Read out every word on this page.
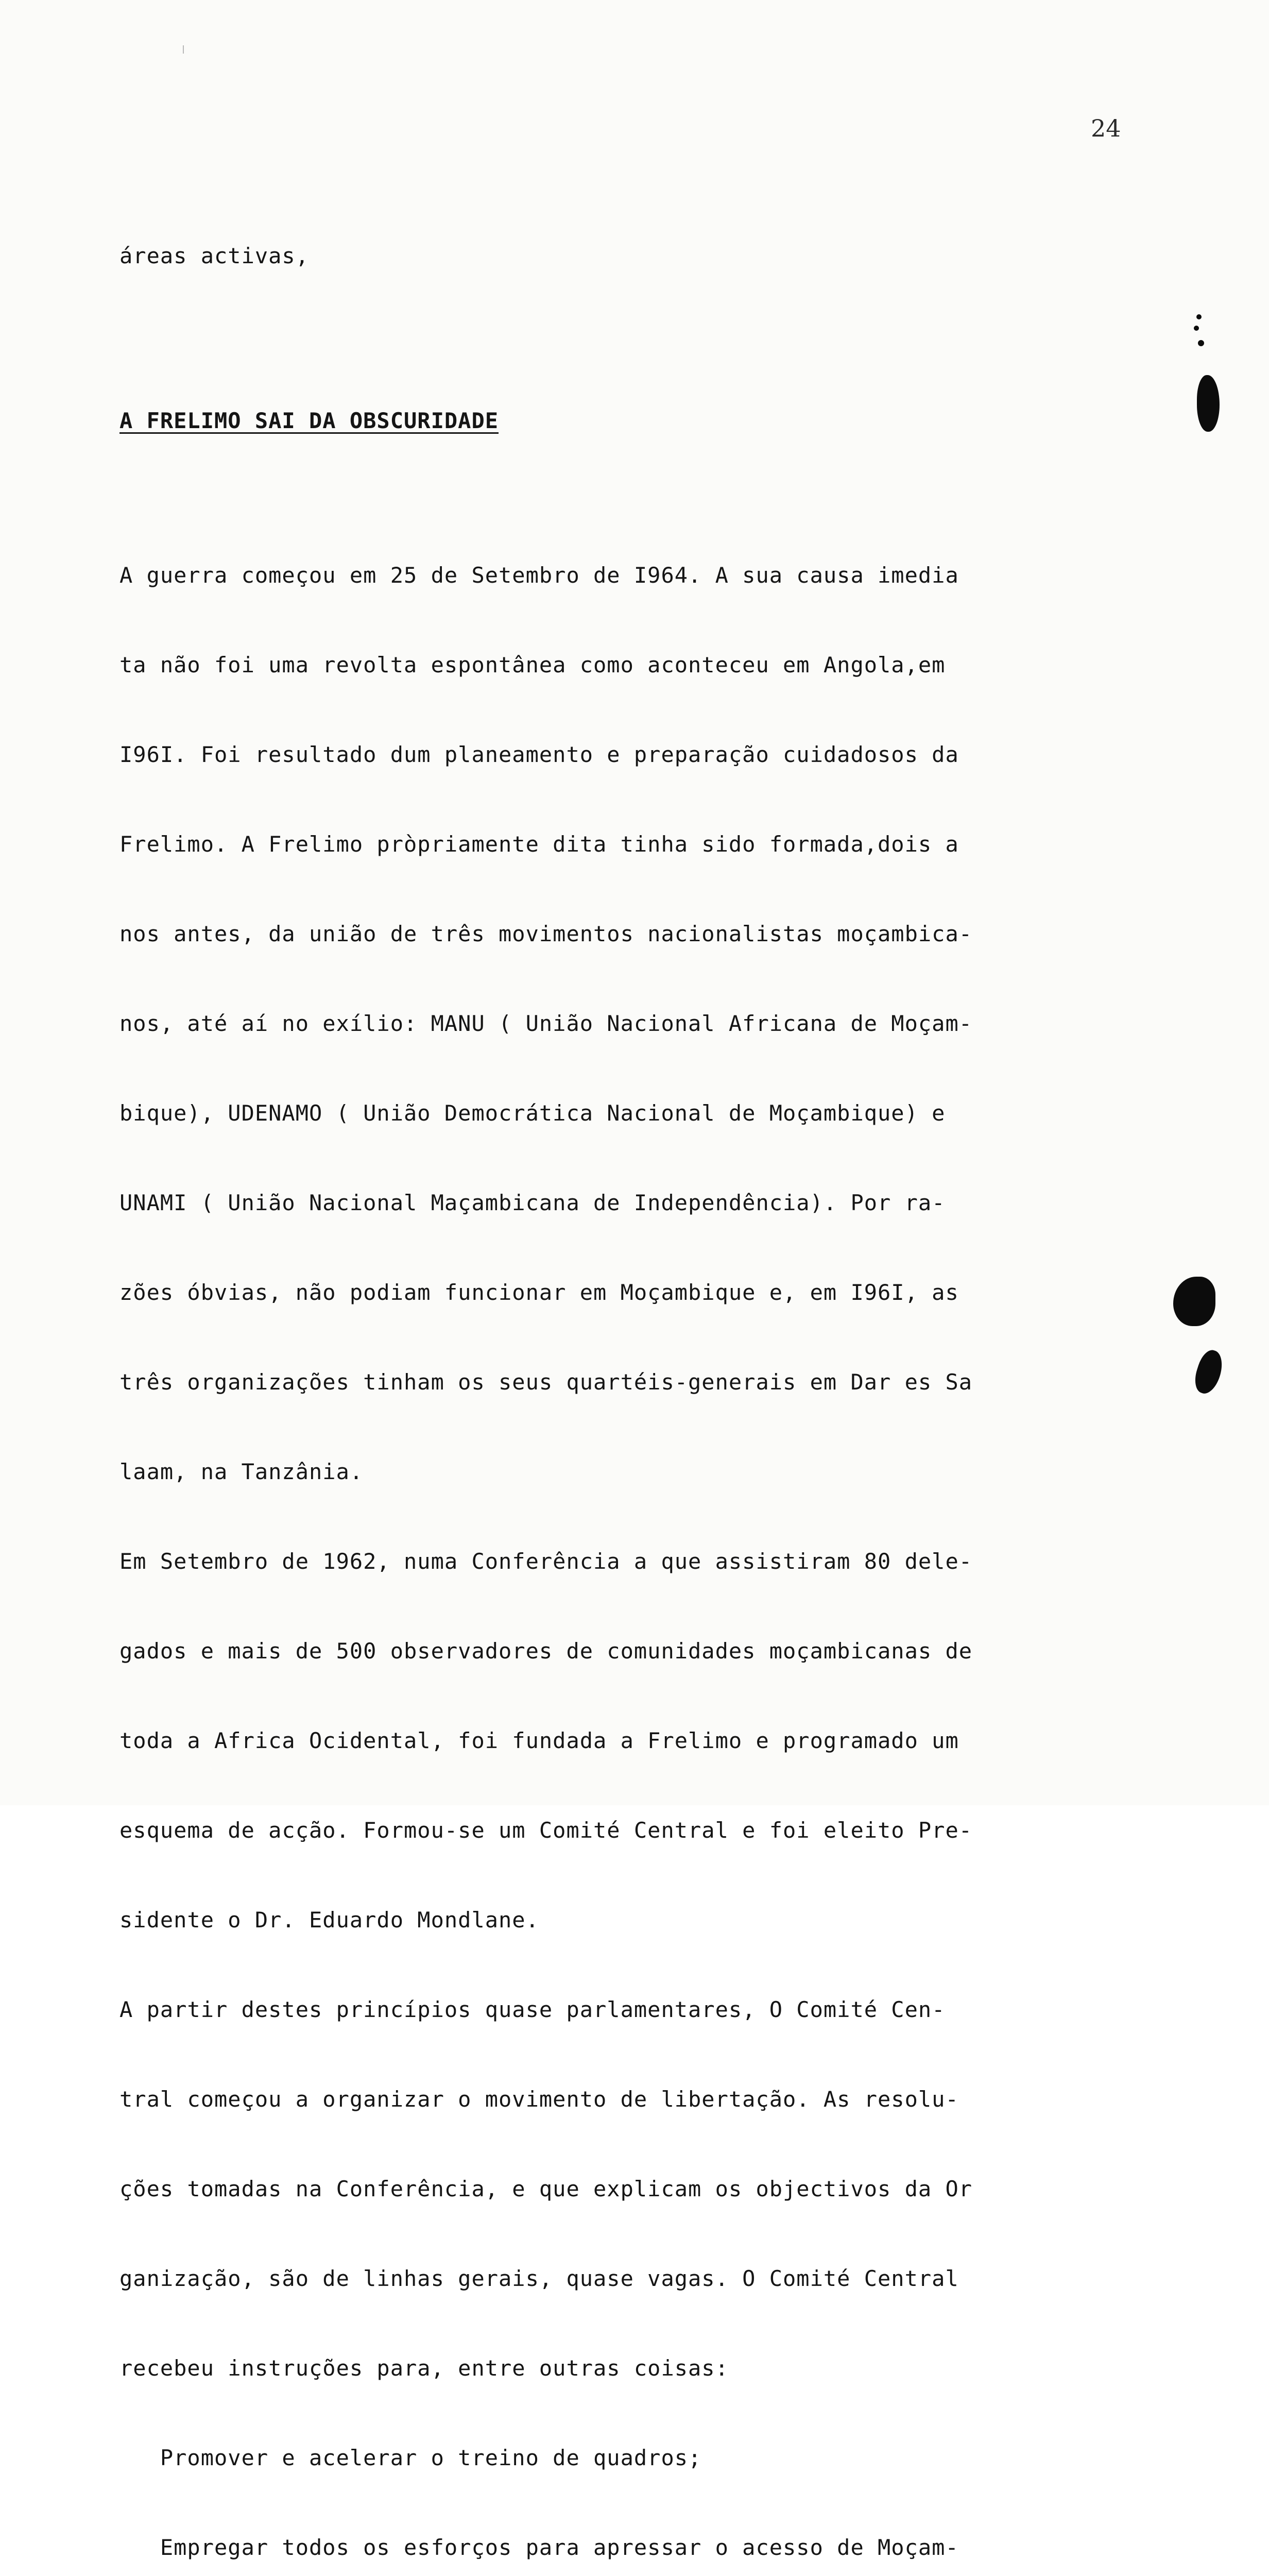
24

áreas activas,

A FRELIMO SAI DA OBSCURIDADE

A guerra começou em 25 de Setembro de I964. A sua causa imedia

ta não foi uma revolta espontânea como aconteceu em Angola,em

I96I. Foi resultado dum planeamento e preparação cuidadosos da

Frelimo. A Frelimo pròpriamente dita tinha sido formada,dois a

nos antes, da união de três movimentos nacionalistas moçambica-

nos, até aí no exílio: MANU ( União Nacional Africana de Moçam-

bique), UDENAMO ( União Democrática Nacional de Moçambique) e

UNAMI ( União Nacional Maçambicana de Independência). Por ra-

zões óbvias, não podiam funcionar em Moçambique e, em I96I, as

três organizações tinham os seus quartéis-generais em Dar es Sa

laam, na Tanzânia.

Em Setembro de 1962, numa Conferência a que assistiram 80 dele-

gados e mais de 500 observadores de comunidades moçambicanas de

toda a Africa Ocidental, foi fundada a Frelimo e programado um

esquema de acção. Formou-se um Comité Central e foi eleito Pre-

sidente o Dr. Eduardo Mondlane.

A partir destes princípios quase parlamentares, O Comité Cen-

tral começou a organizar o movimento de libertação. As resolu-

ções tomadas na Conferência, e que explicam os objectivos da Or

ganização, são de linhas gerais, quase vagas. O Comité Central

recebeu instruções para, entre outras coisas:

Promover e acelerar o treino de quadros;

Empregar todos os esforços para apressar o acesso de Moçam-
